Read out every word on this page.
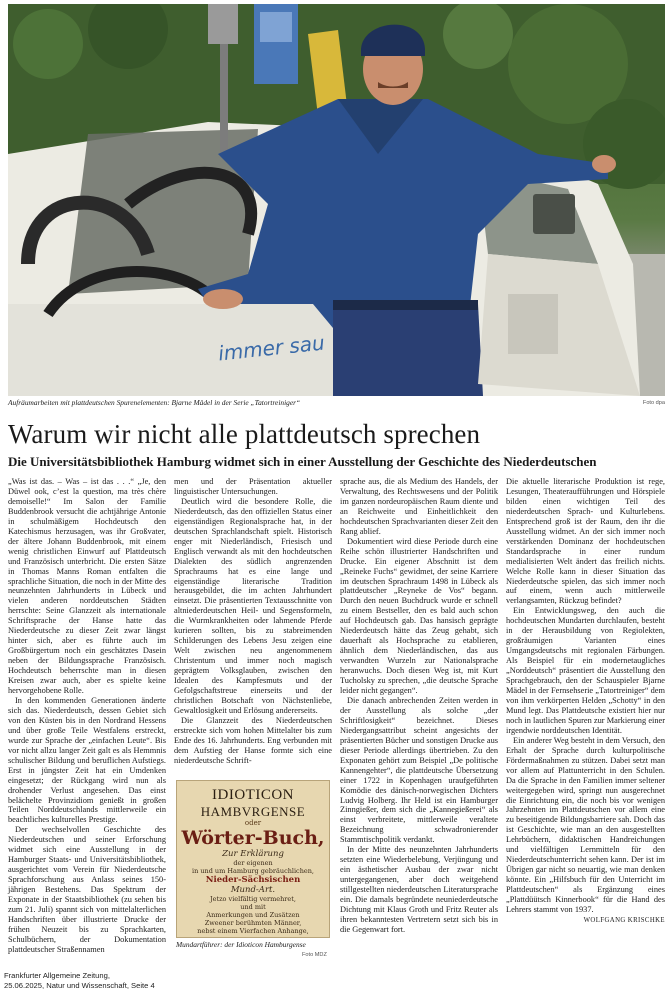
immer sau
Aufräumarbeiten mit plattdeutschen Spurenelementen: Bjarne Mädel in der Serie „Tatortreiniger“	Foto dpa
Warum wir nicht alle plattdeutsch sprechen
Die Universitätsbibliothek Hamburg widmet sich in einer Ausstellung der Geschichte des Niederdeutschen

„Was ist das. – Was – ist das . . .“ „Je, den Düwel ook, c’est la question, ma très chère demoiselle!“ Im Salon der Familie Buddenbrook versucht die achtjährige Antonie in schulmäßigem Hochdeutsch den Katechismus herzusagen, was ihr Großvater, der ältere Johann Buddenbrook, mit einem wenig christlichen Einwurf auf Plattdeutsch und Französisch unterbricht. Die ersten Sätze in Thomas Manns Roman entfalten die sprachliche Situation, die noch in der Mitte des neunzehnten Jahrhunderts in Lübeck und vielen anderen norddeutschen Städten herrschte: Seine Glanzzeit als internationale Schriftsprache der Hanse hatte das Niederdeutsche zu dieser Zeit zwar längst hinter sich, aber es führte auch im Großbürgertum noch ein geschätztes Dasein neben der Bildungssprache Französisch. Hochdeutsch beherrschte man in diesen Kreisen zwar auch, aber es spielte keine hervorgehobene Rolle.

In den kommenden Generationen änderte sich das. Niederdeutsch, dessen Gebiet sich von den Küsten bis in den Nordrand Hessens und über große Teile Westfalens erstreckt, wurde zur Sprache der „einfachen Leute“. Bis vor nicht allzu langer Zeit galt es als Hemmnis schulischer Bildung und beruflichen Aufstiegs. Erst in jüngster Zeit hat ein Umdenken eingesetzt; der Rückgang wird nun als drohender Verlust angesehen. Das einst belächelte Provinzidiom genießt in großen Teilen Norddeutschlands mittlerweile ein beachtliches kulturelles Prestige.

Der wechselvollen Geschichte des Niederdeutschen und seiner Erforschung widmet sich eine Ausstellung in der Hamburger Staats- und Universitätsbibliothek, ausgerichtet vom Verein für Niederdeutsche Sprachforschung aus Anlass seines 150-jährigen Bestehens. Das Spektrum der Exponate in der Staatsbibliothek (zu sehen bis zum 21. Juli) spannt sich von mittelalterlichen Handschriften über illustrierte Drucke der frühen Neuzeit bis zu Sprachkarten, Schulbüchern, der Dokumentation plattdeutscher Straßennamen

men und der Präsentation aktueller linguistischer Untersuchungen.

Deutlich wird die besondere Rolle, die Niederdeutsch, das den offiziellen Status einer eigenständigen Regionalsprache hat, in der deutschen Sprachlandschaft spielt. Historisch enger mit Niederländisch, Friesisch und Englisch verwandt als mit den hochdeutschen Dialekten des südlich angrenzenden Sprachraums hat es eine lange und eigenständige literarische Tradition herausgebildet, die im achten Jahrhundert einsetzt. Die präsentierten Textausschnitte von altniederdeutschen Heil- und Segensformeln, die Wurmkrankheiten oder lahmende Pferde kurieren sollten, bis zu stabreimenden Schilderungen des Lebens Jesu zeigen eine Welt zwischen neu angenommenem Christentum und immer noch magisch geprägtem Volksglauben, zwischen den Idealen des Kampfesmuts und der Gefolgschaftstreue einerseits und der christlichen Botschaft von Nächstenliebe, Gewaltlosigkeit und Erlösung andererseits.

Die Glanzzeit des Niederdeutschen erstreckte sich vom hohen Mittelalter bis zum Ende des 16. Jahrhunderts. Eng verbunden mit dem Aufstieg der Hanse formte sich eine niederdeutsche Schrift-

IDIOTICON
HAMBVRGENSE
oder
Wörter-Buch,
Zur Erklärung
der eigenen
in und um Hamburg gebräuchlichen,
Nieder-Sächsischen
Mund-Art.
Jetzo vielfältig vermehret,
und mit
Anmerkungen und Zusätzen
Zweener berühmten Männer,
nebst einem Vierfachen Anhange,
Mundartführer: der Idioticon Hamburgense
Foto MDZ

sprache aus, die als Medium des Handels, der Verwaltung, des Rechtswesens und der Politik im ganzen nordeuropäischen Raum diente und an Reichweite und Einheitlichkeit den hochdeutschen Sprachvarianten dieser Zeit den Rang ablief.

Dokumentiert wird diese Periode durch eine Reihe schön illustrierter Handschriften und Drucke. Ein eigener Abschnitt ist dem „Reineke Fuchs“ gewidmet, der seine Karriere im deutschen Sprachraum 1498 in Lübeck als plattdeutscher „Reyneke de Vos“ begann. Durch den neuen Buchdruck wurde er schnell zu einem Bestseller, den es bald auch schon auf Hochdeutsch gab. Das hansisch geprägte Niederdeutsch hätte das Zeug gehabt, sich dauerhaft als Hochsprache zu etablieren, ähnlich dem Niederländischen, das aus verwandten Wurzeln zur Nationalsprache heranwuchs. Doch diesen Weg ist, mit Kurt Tucholsky zu sprechen, „die deutsche Sprache leider nicht gegangen“.

Die danach anbrechenden Zeiten werden in der Ausstellung als solche „der Schriftlosigkeit“ bezeichnet. Dieses Niedergangsattribut scheint angesichts der präsentierten Bücher und sonstigen Drucke aus dieser Periode allerdings übertrieben. Zu den Exponaten gehört zum Beispiel „De politische Kannengehter“, die plattdeutsche Übersetzung einer 1722 in Kopenhagen uraufgeführten Komödie des dänisch-norwegischen Dichters Ludvig Holberg. Ihr Held ist ein Hamburger Zinngießer, dem sich die „Kannegießerei“ als einst verbreitete, mittlerweile veraltete Bezeichnung schwadronierender Stammtischpolitik verdankt.

In der Mitte des neunzehnten Jahrhunderts setzten eine Wiederbelebung, Verjüngung und ein ästhetischer Ausbau der zwar nicht untergegangenen, aber doch weitgehend stillgestellten niederdeutschen Literatursprache ein. Die damals begründete neuniederdeutsche Dichtung mit Klaus Groth und Fritz Reuter als ihren bekanntesten Vertretern setzt sich bis in die Gegenwart fort.

Die aktuelle literarische Produktion ist rege, Lesungen, Theateraufführungen und Hörspiele bilden einen wichtigen Teil des niederdeutschen Sprach- und Kulturlebens. Entsprechend groß ist der Raum, den ihr die Ausstellung widmet. An der sich immer noch verstärkenden Dominanz der hochdeutschen Standardsprache in einer rundum medialisierten Welt ändert das freilich nichts. Welche Rolle kann in dieser Situation das Niederdeutsche spielen, das sich immer noch auf einem, wenn auch mittlerweile verlangsamten, Rückzug befindet?

Ein Entwicklungsweg, den auch die hochdeutschen Mundarten durchlaufen, besteht in der Herausbildung von Regiolekten, großräumigen Varianten eines Umgangsdeutschs mit regionalen Färbungen. Als Beispiel für ein modernetaugliches „Norddeutsch“ präsentiert die Ausstellung den Sprachgebrauch, den der Schauspieler Bjarne Mädel in der Fernsehserie „Tatortreiniger“ dem von ihm verkörperten Helden „Schotty“ in den Mund legt. Das Plattdeutsche existiert hier nur noch in lautlichen Spuren zur Markierung einer irgendwie norddeutschen Identität.

Ein anderer Weg besteht in dem Versuch, den Erhalt der Sprache durch kulturpolitische Fördermaßnahmen zu stützen. Dabei setzt man vor allem auf Plattunterricht in den Schulen. Da die Sprache in den Familien immer seltener weitergegeben wird, springt nun ausgerechnet die Einrichtung ein, die noch bis vor wenigen Jahrzehnten im Plattdeutschen vor allem eine zu beseitigende Bildungsbarriere sah. Doch das ist Geschichte, wie man an den ausgestellten Lehrbüchern, didaktischen Handreichungen und vielfältigen Lernmitteln für den Niederdeutschunterricht sehen kann. Der ist im Übrigen gar nicht so neuartig, wie man denken könnte. Ein „Hilfsbuch für den Unterricht im Plattdeutschen“ als Ergänzung eines „Plattdüütsch Kinnerbook“ für die Hand des Lehrers stammt von 1937.

WOLFGANG KRISCHKE
Frankfurter Allgemeine Zeitung,
25.06.2025, Natur und Wissenschaft, Seite 4
